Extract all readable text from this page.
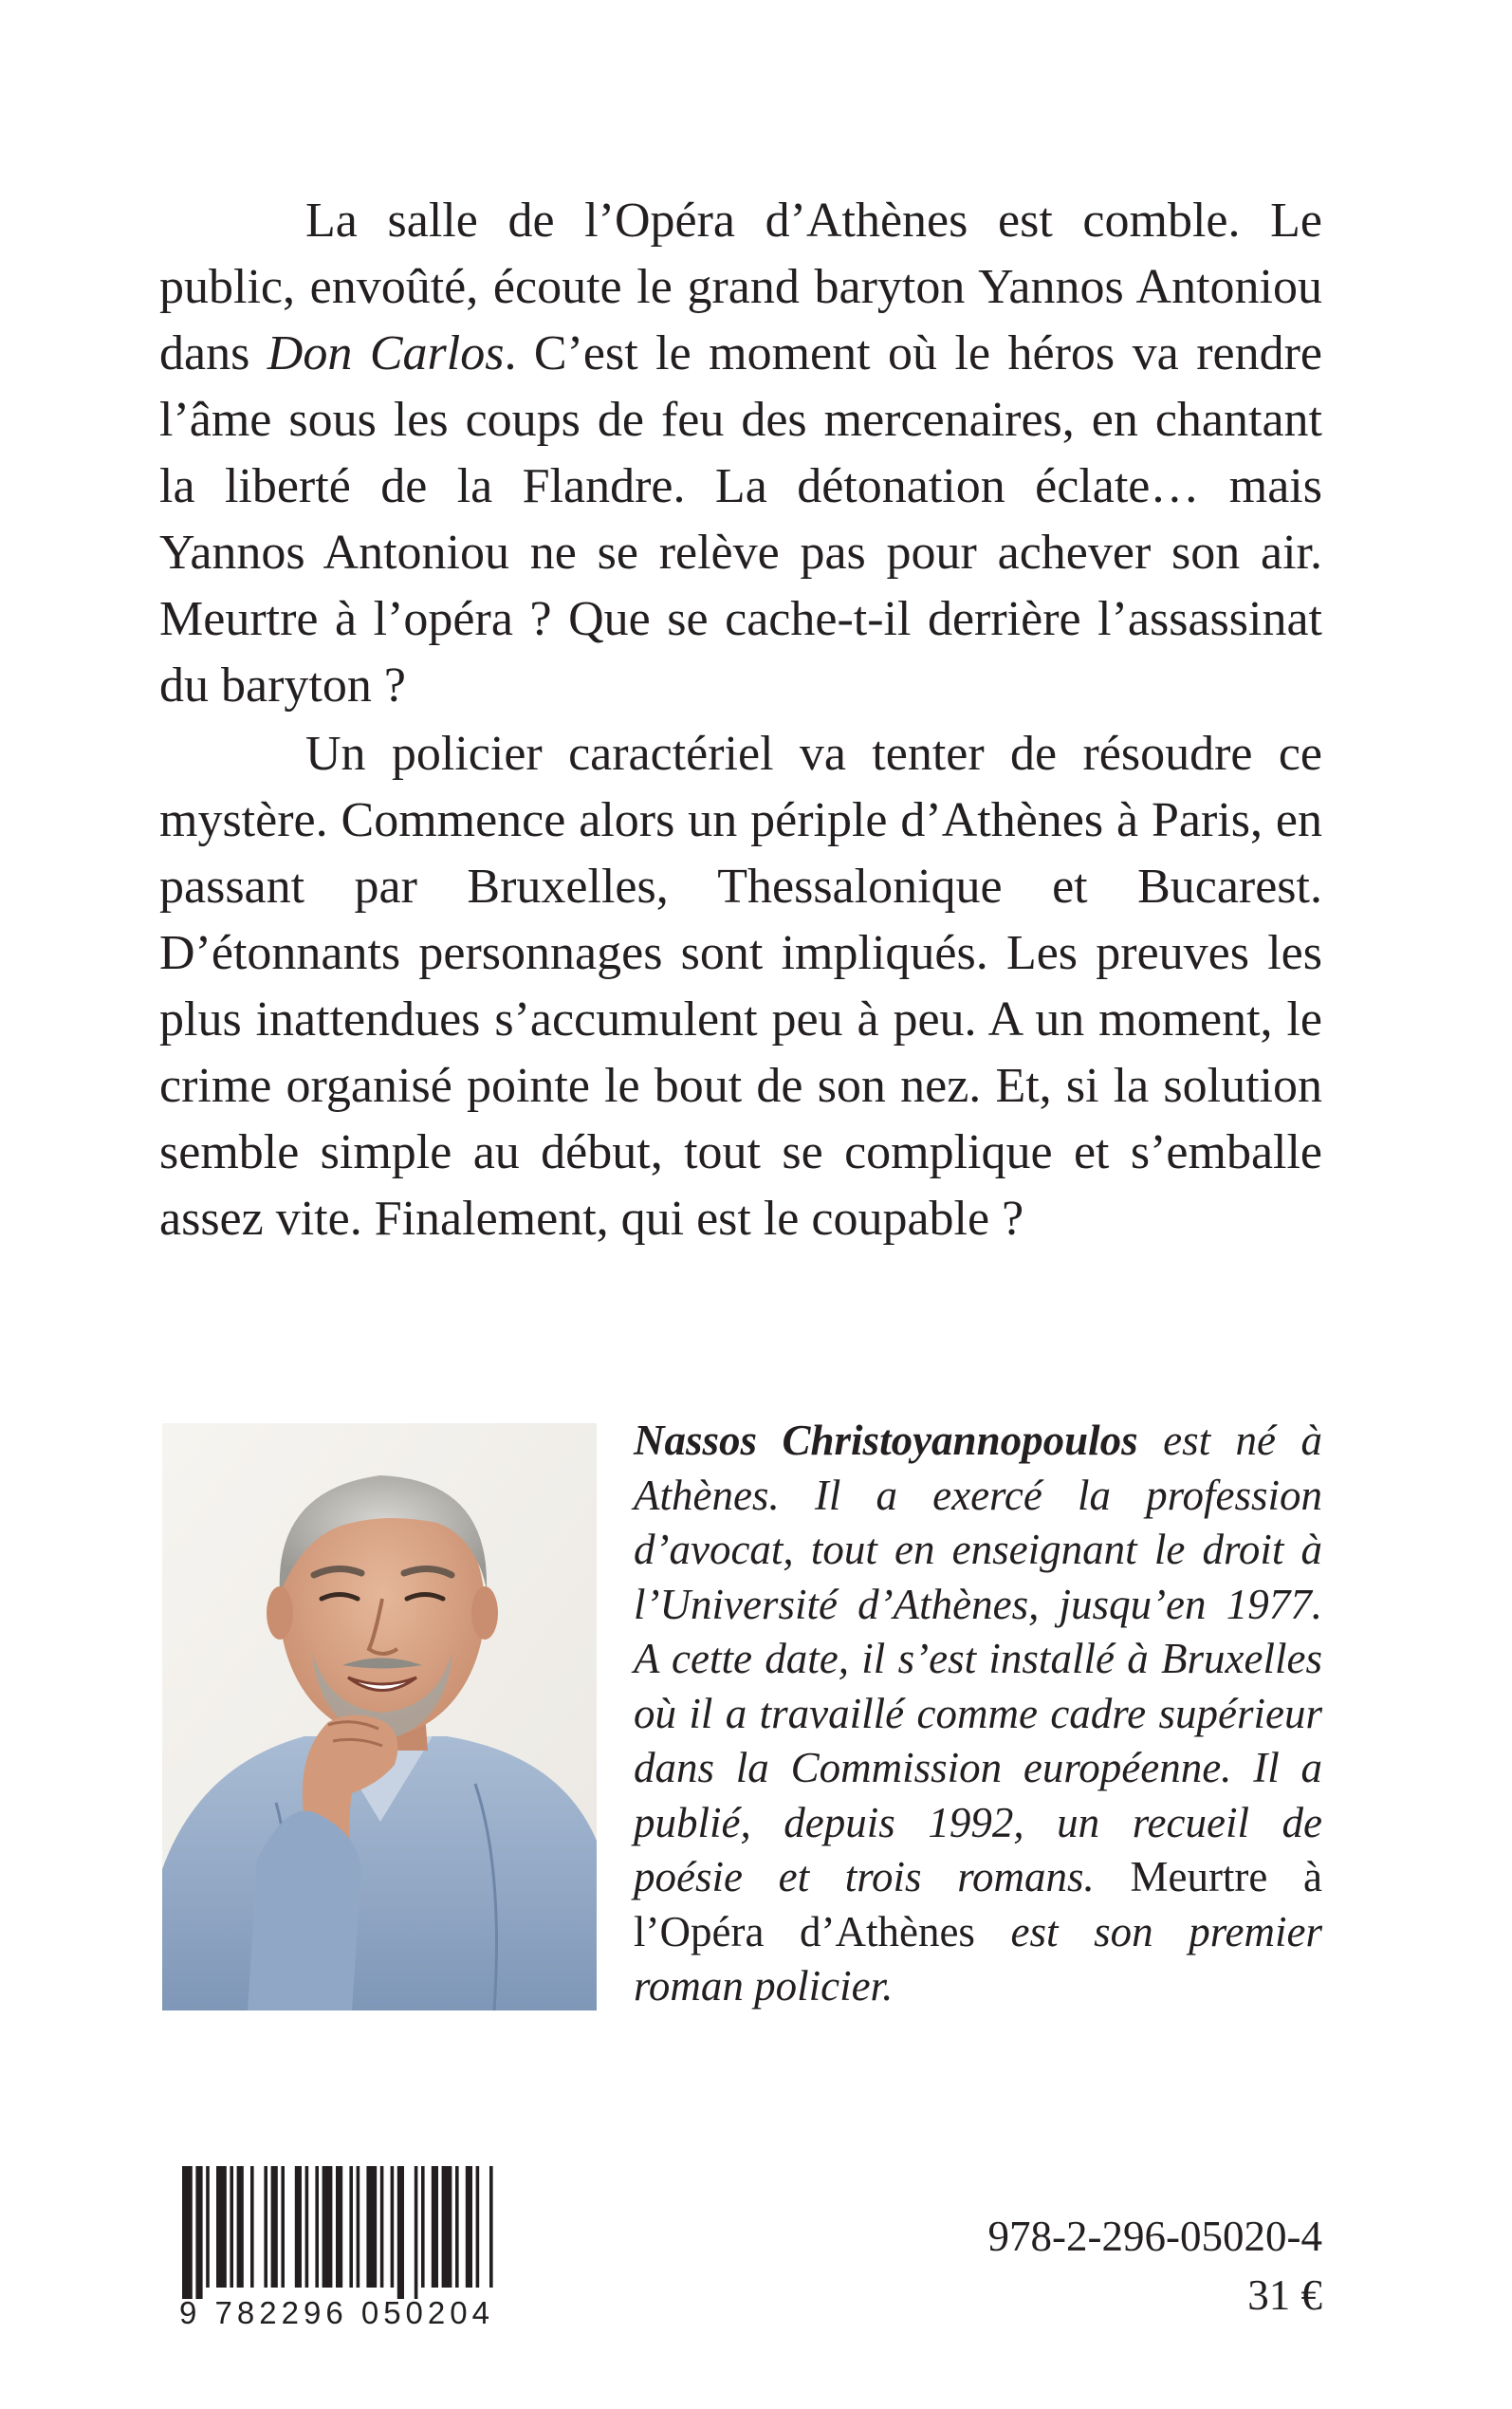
La salle de l’Opéra d’Athènes est comble. Le public, envoûté, écoute le grand baryton Yannos Antoniou dans Don Carlos. C’est le moment où le héros va rendre l’âme sous les coups de feu des mercenaires, en chantant la liberté de la Flandre. La détonation éclate… mais Yannos Antoniou ne se relève pas pour achever son air. Meurtre à l’opéra ? Que se cache-t-il derrière l’assassinat du baryton ?

Un policier caractériel va tenter de résoudre ce mystère. Commence alors un périple d’Athènes à Paris, en passant par Bruxelles, Thessalonique et Bucarest. D’étonnants personnages sont impliqués. Les preuves les plus inattendues s’accumulent peu à peu. A un moment, le crime organisé pointe le bout de son nez. Et, si la solution semble simple au début, tout se complique et s’emballe assez vite. Finalement, qui est le coupable ?

Nassos Christoyannopoulos est né à Athènes. Il a exercé la profession d’avocat, tout en enseignant le droit à l’Université d’Athènes, jusqu’en 1977. A cette date, il s’est installé à Bruxelles où il a travaillé comme cadre supérieur dans la Commission européenne. Il a publié, depuis 1992, un recueil de poésie et trois romans. Meurtre à l’Opéra d’Athènes est son premier roman policier.

9 782296 050204
978-2-296-05020-4
31 €
